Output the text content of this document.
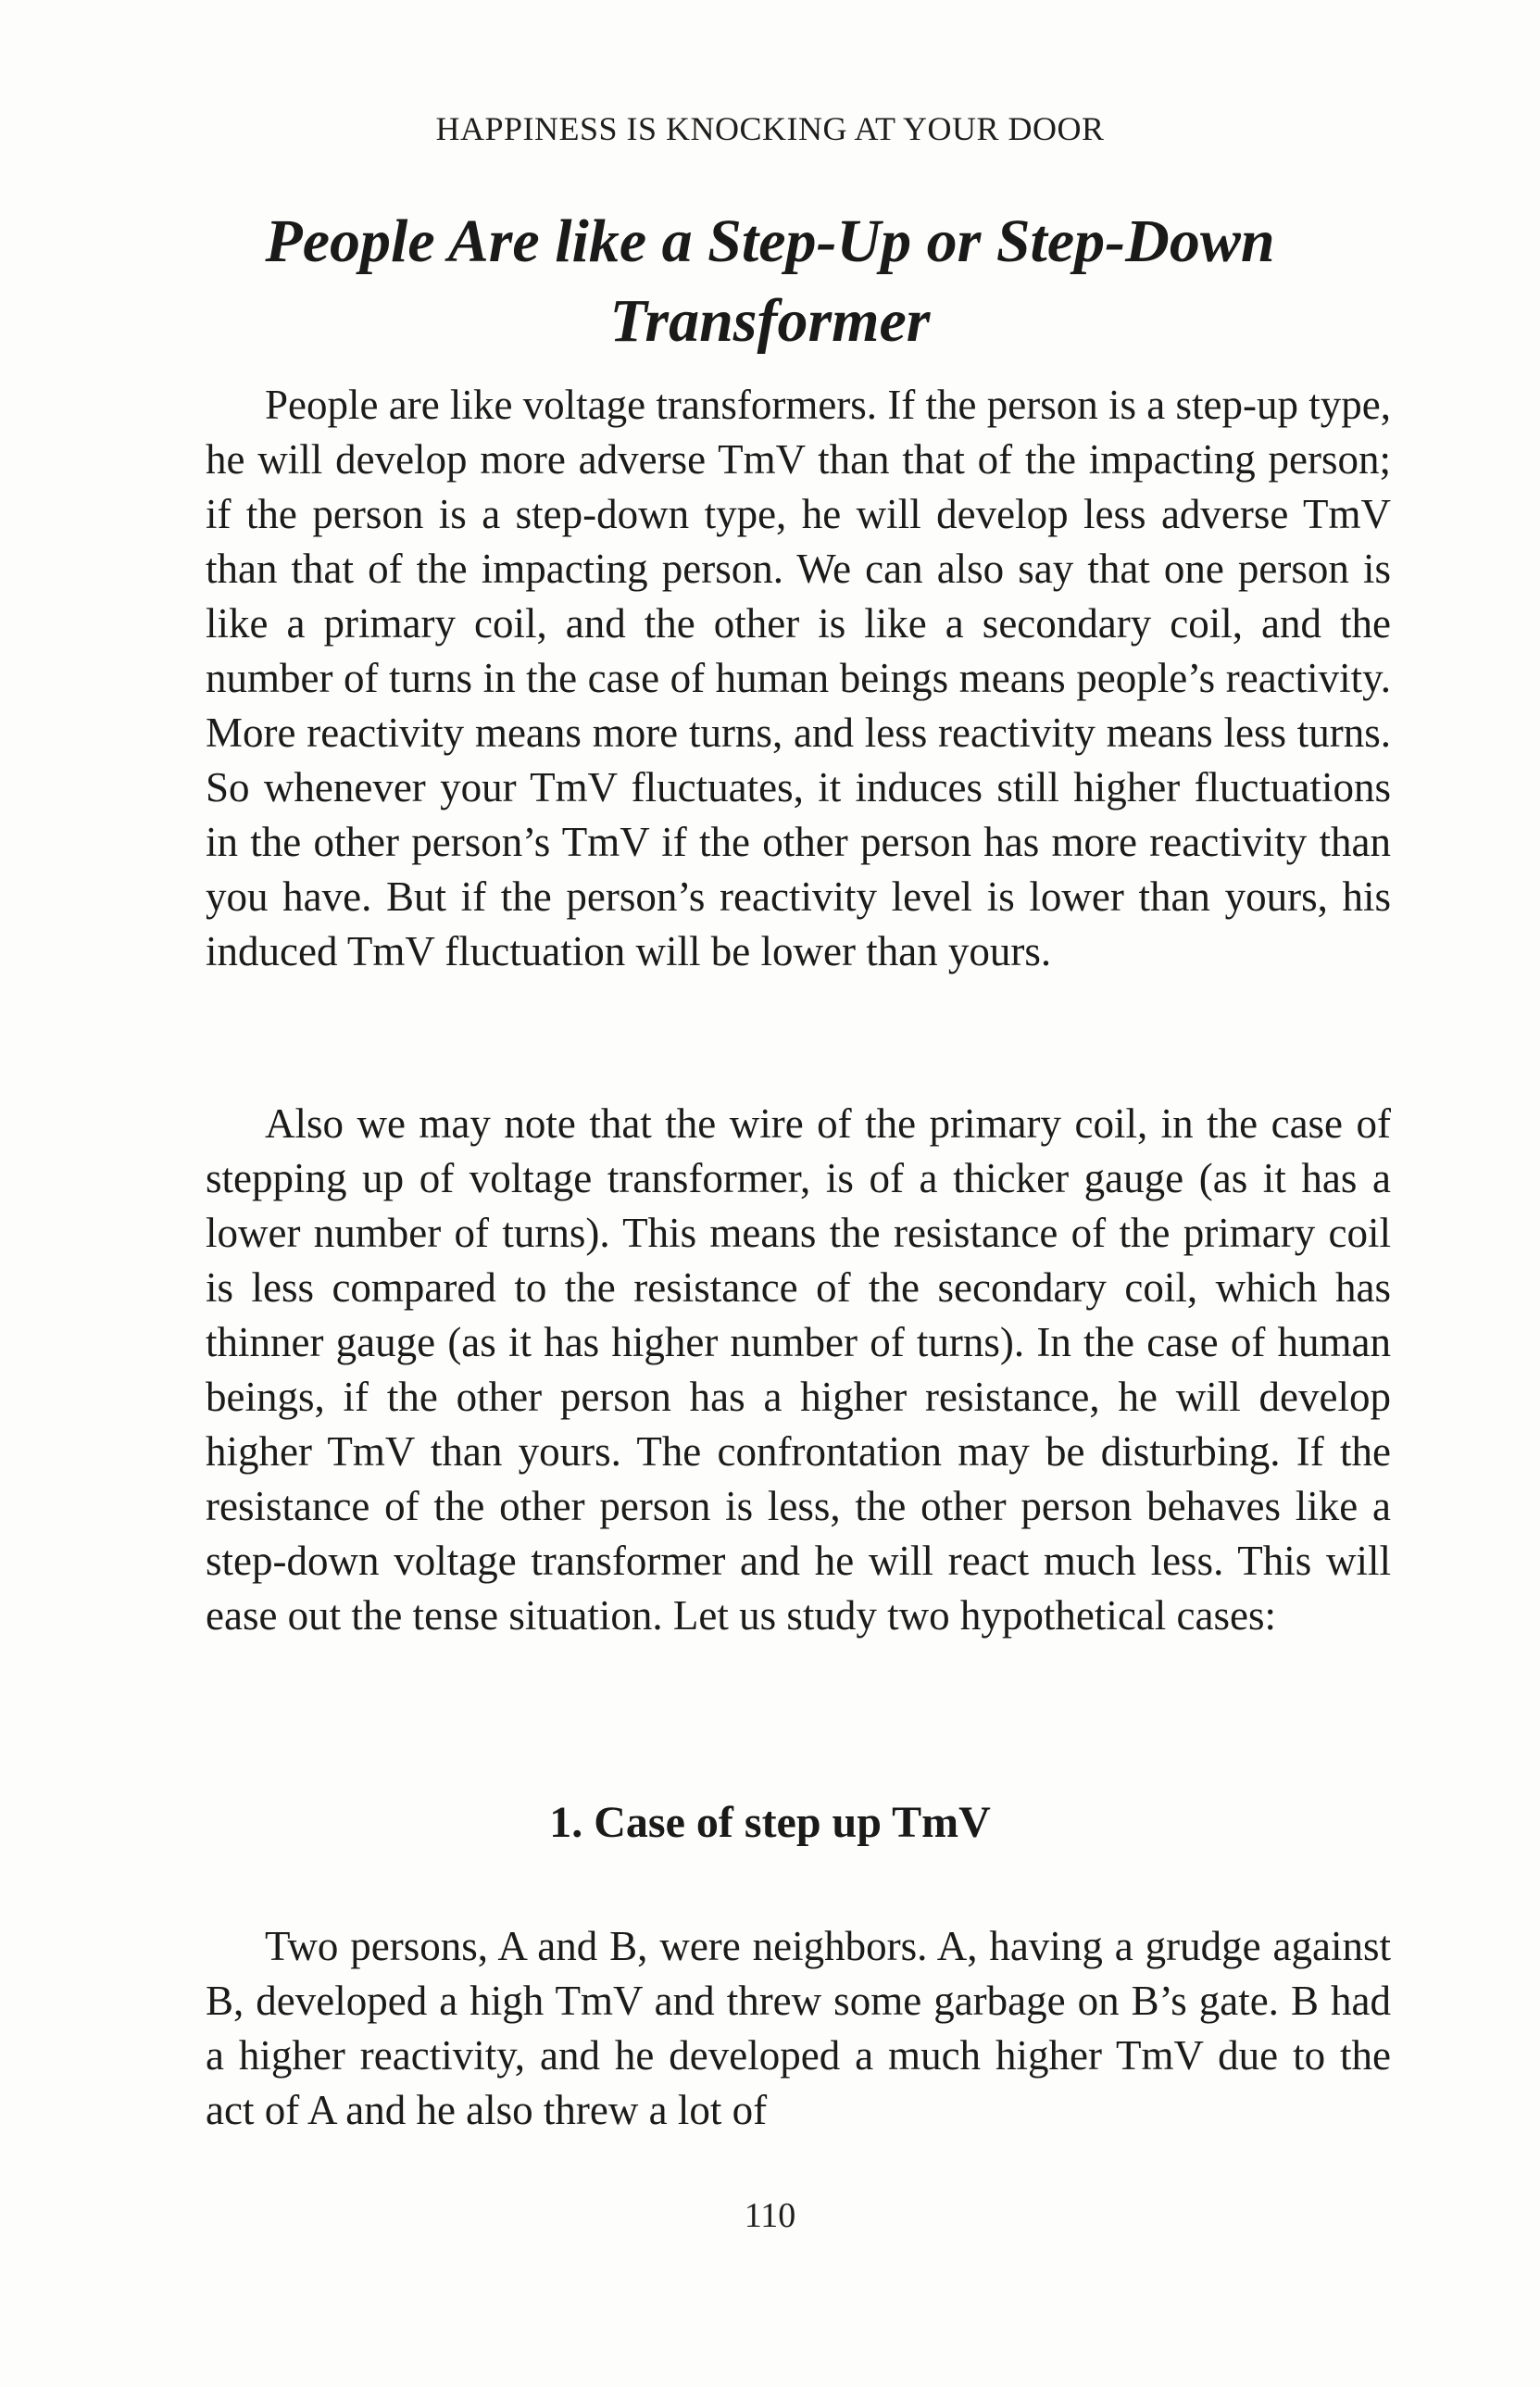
HAPPINESS IS KNOCKING AT YOUR DOOR
People Are like a Step-Up or Step-Down Transformer

People are like voltage transformers. If the person is a step-up type, he will develop more adverse TmV than that of the impacting person; if the person is a step-down type, he will develop less adverse TmV than that of the impacting person. We can also say that one person is like a primary coil, and the other is like a secondary coil, and the number of turns in the case of human beings means people’s reactivity. More reactivity means more turns, and less reactivity means less turns. So whenever your TmV fluctuates, it induces still higher fluctuations in the other person’s TmV if the other person has more reactivity than you have. But if the person’s reactivity level is lower than yours, his induced TmV fluctuation will be lower than yours.

Also we may note that the wire of the primary coil, in the case of stepping up of voltage transformer, is of a thicker gauge (as it has a lower number of turns). This means the resistance of the primary coil is less compared to the resistance of the secondary coil, which has thinner gauge (as it has higher number of turns). In the case of human beings, if the other person has a higher resistance, he will develop higher TmV than yours. The confrontation may be disturbing. If the resistance of the other person is less, the other person behaves like a step-down voltage transformer and he will react much less. This will ease out the tense situation. Let us study two hypothetical cases:

1. Case of step up TmV

Two persons, A and B, were neighbors. A, having a grudge against B, developed a high TmV and threw some garbage on B’s gate. B had a higher reactivity, and he developed a much higher TmV due to the act of A and he also threw a lot of

110
